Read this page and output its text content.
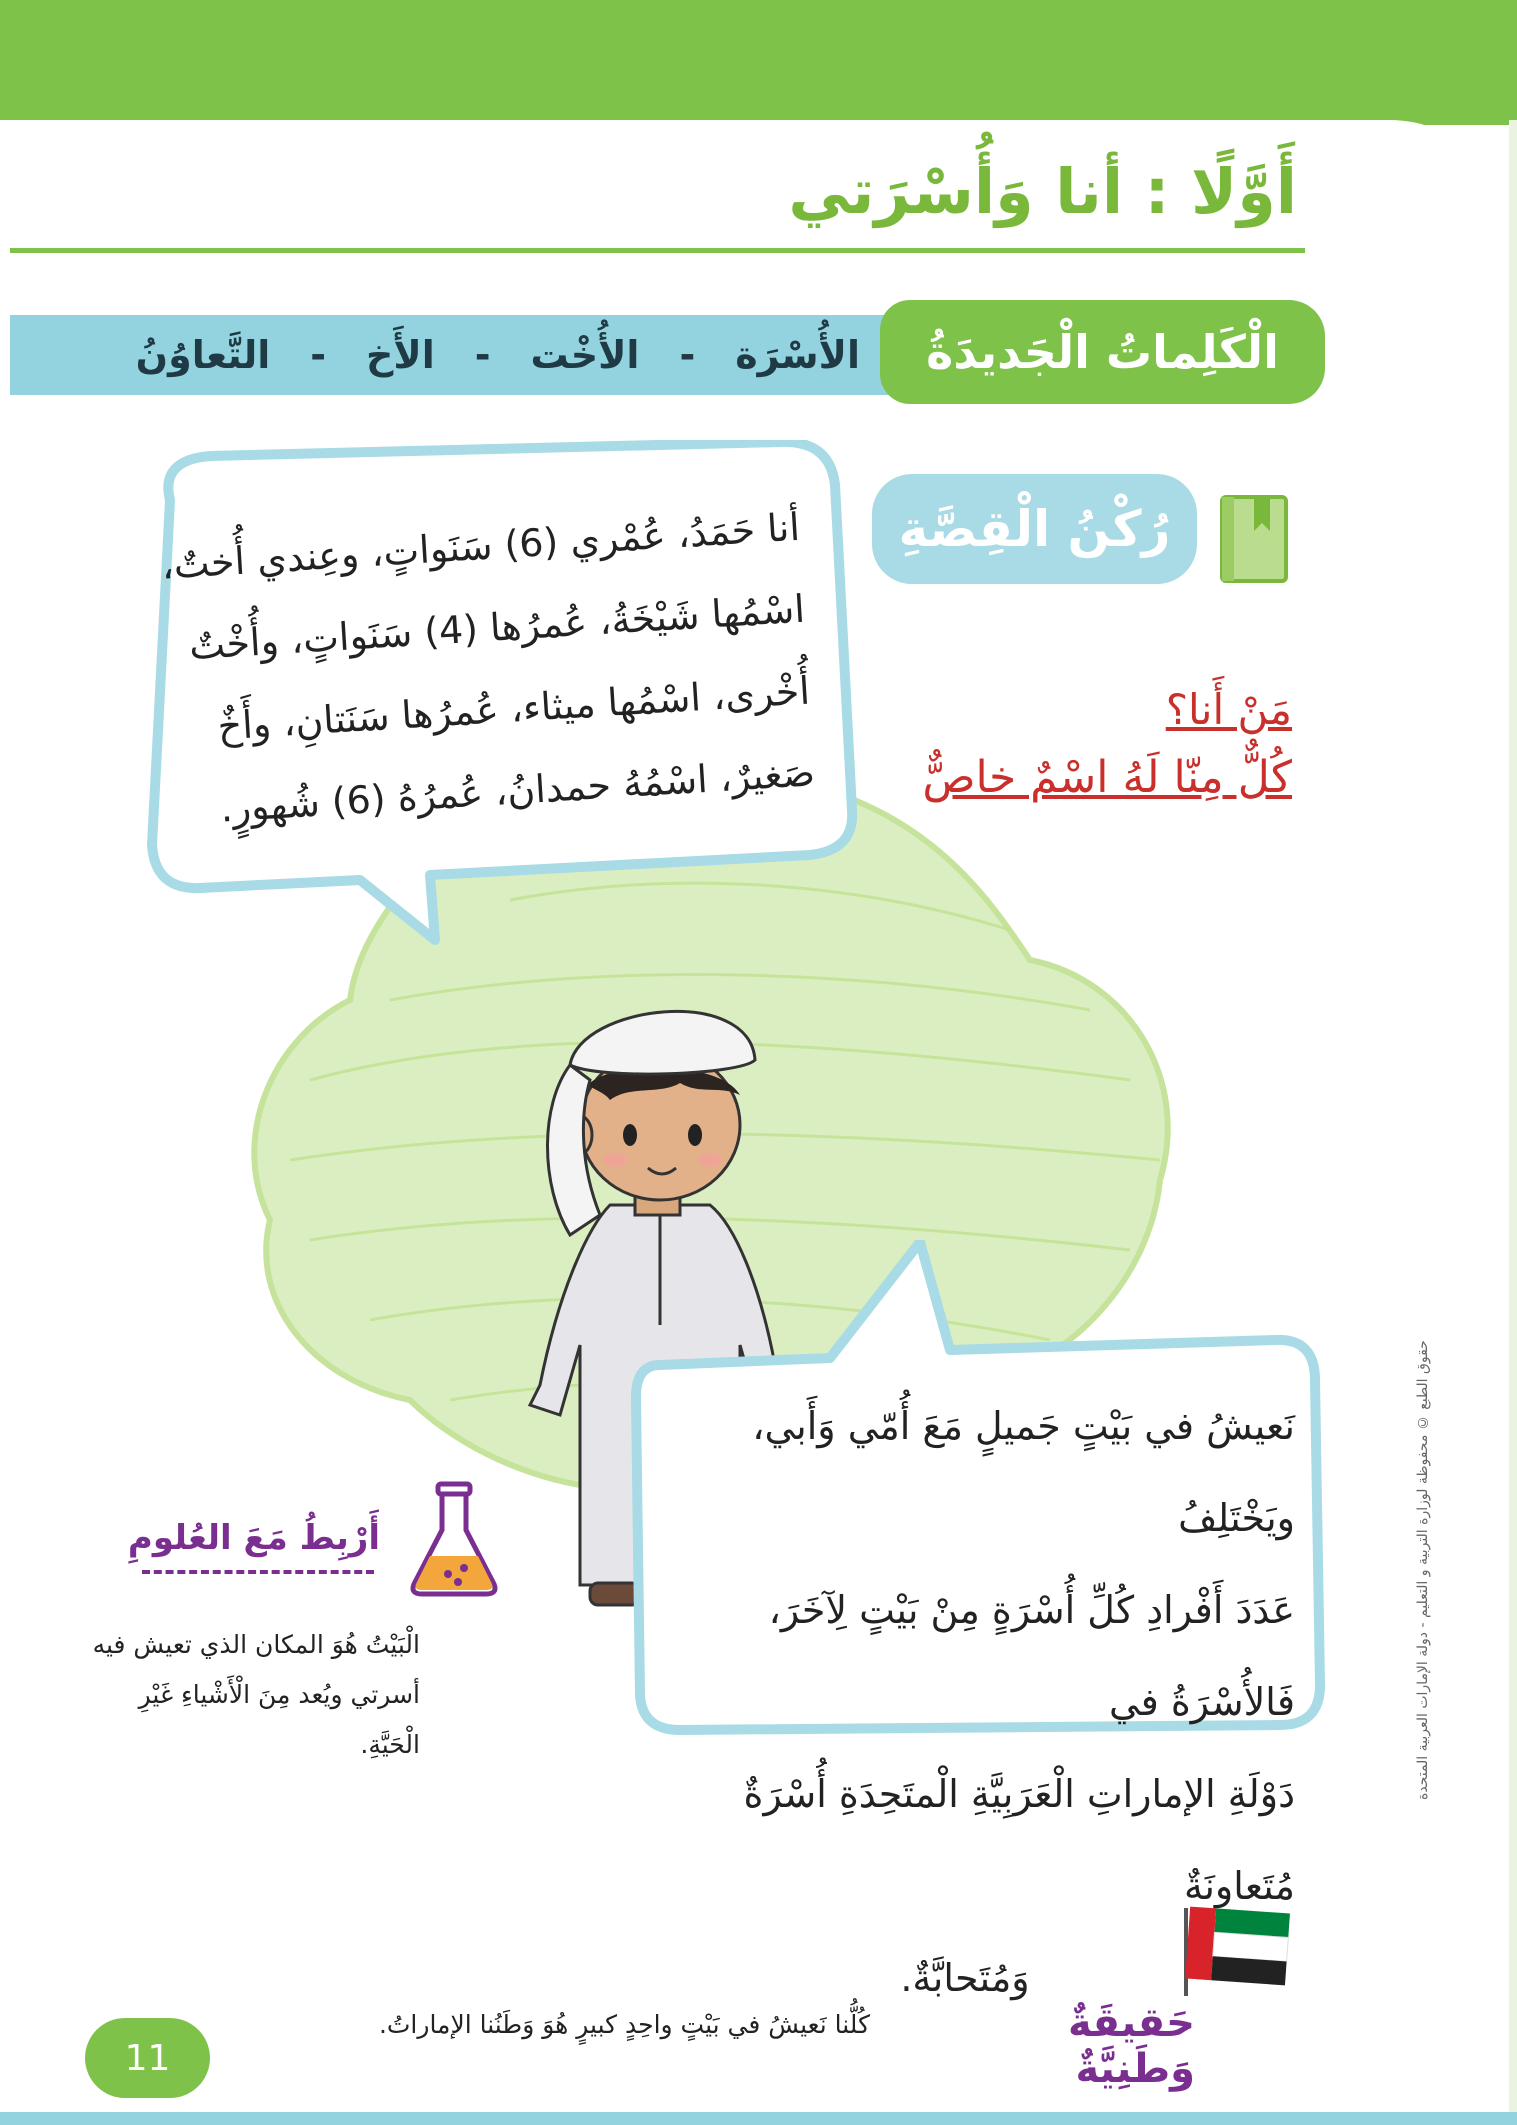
أَوَّلًا : أنا وَأُسْرَتي
الأُسْرَة
-
الأُخْت
-
الأَخ
-
التَّعاوُنُ	الْكَلِماتُ الْجَديدَةُ
رُكْنُ الْقِصَّةِ
مَنْ أَنا؟
كُلٌّ مِنّا لَهُ اسْمٌ خاصٌّ
أنا حَمَدُ، عُمْري (6) سَنَواتٍ، وعِندي أُختٌ،
اسْمُها شَيْخَةُ، عُمرُها (4) سَنَواتٍ، وأُخْتٌ
أُخْرى، اسْمُها ميثاء، عُمرُها سَنَتانِ، وأَخٌ
صَغيرٌ، اسْمُهُ حمدانُ، عُمرُهُ (6) شُهورٍ.
نَعيشُ في بَيْتٍ جَميلٍ مَعَ أُمّي وَأَبي، ويَخْتَلِفُ
عَدَدَ أَفْرادِ كُلِّ أُسْرَةٍ مِنْ بَيْتٍ لِآخَرَ، فَالأُسْرَةُ في
دَوْلَةِ الإماراتِ الْعَرَبِيَّةِ الْمتَحِدَةِ أُسْرَةٌ مُتَعاوِنَةٌ
وَمُتَحابَّةٌ.
أَرْبِطُ مَعَ العُلومِ
الْبَيْتُ هُوَ المكان الذي تعيش فيه أسرتي ويُعد مِنَ الْأَشْياءِ غَيْرِ الْحَيَّةِ.	حقوق الطبع © محفوظة لوزارة التربية و التعليم - دولة الإمارات العربية المتحدة
حَقيقَةٌ وَطَنِيَّةٌ
كُلُّنا نَعيشُ في بَيْتٍ واحِدٍ كبيرٍ هُوَ وَطَنُنا الإماراتُ.
11
